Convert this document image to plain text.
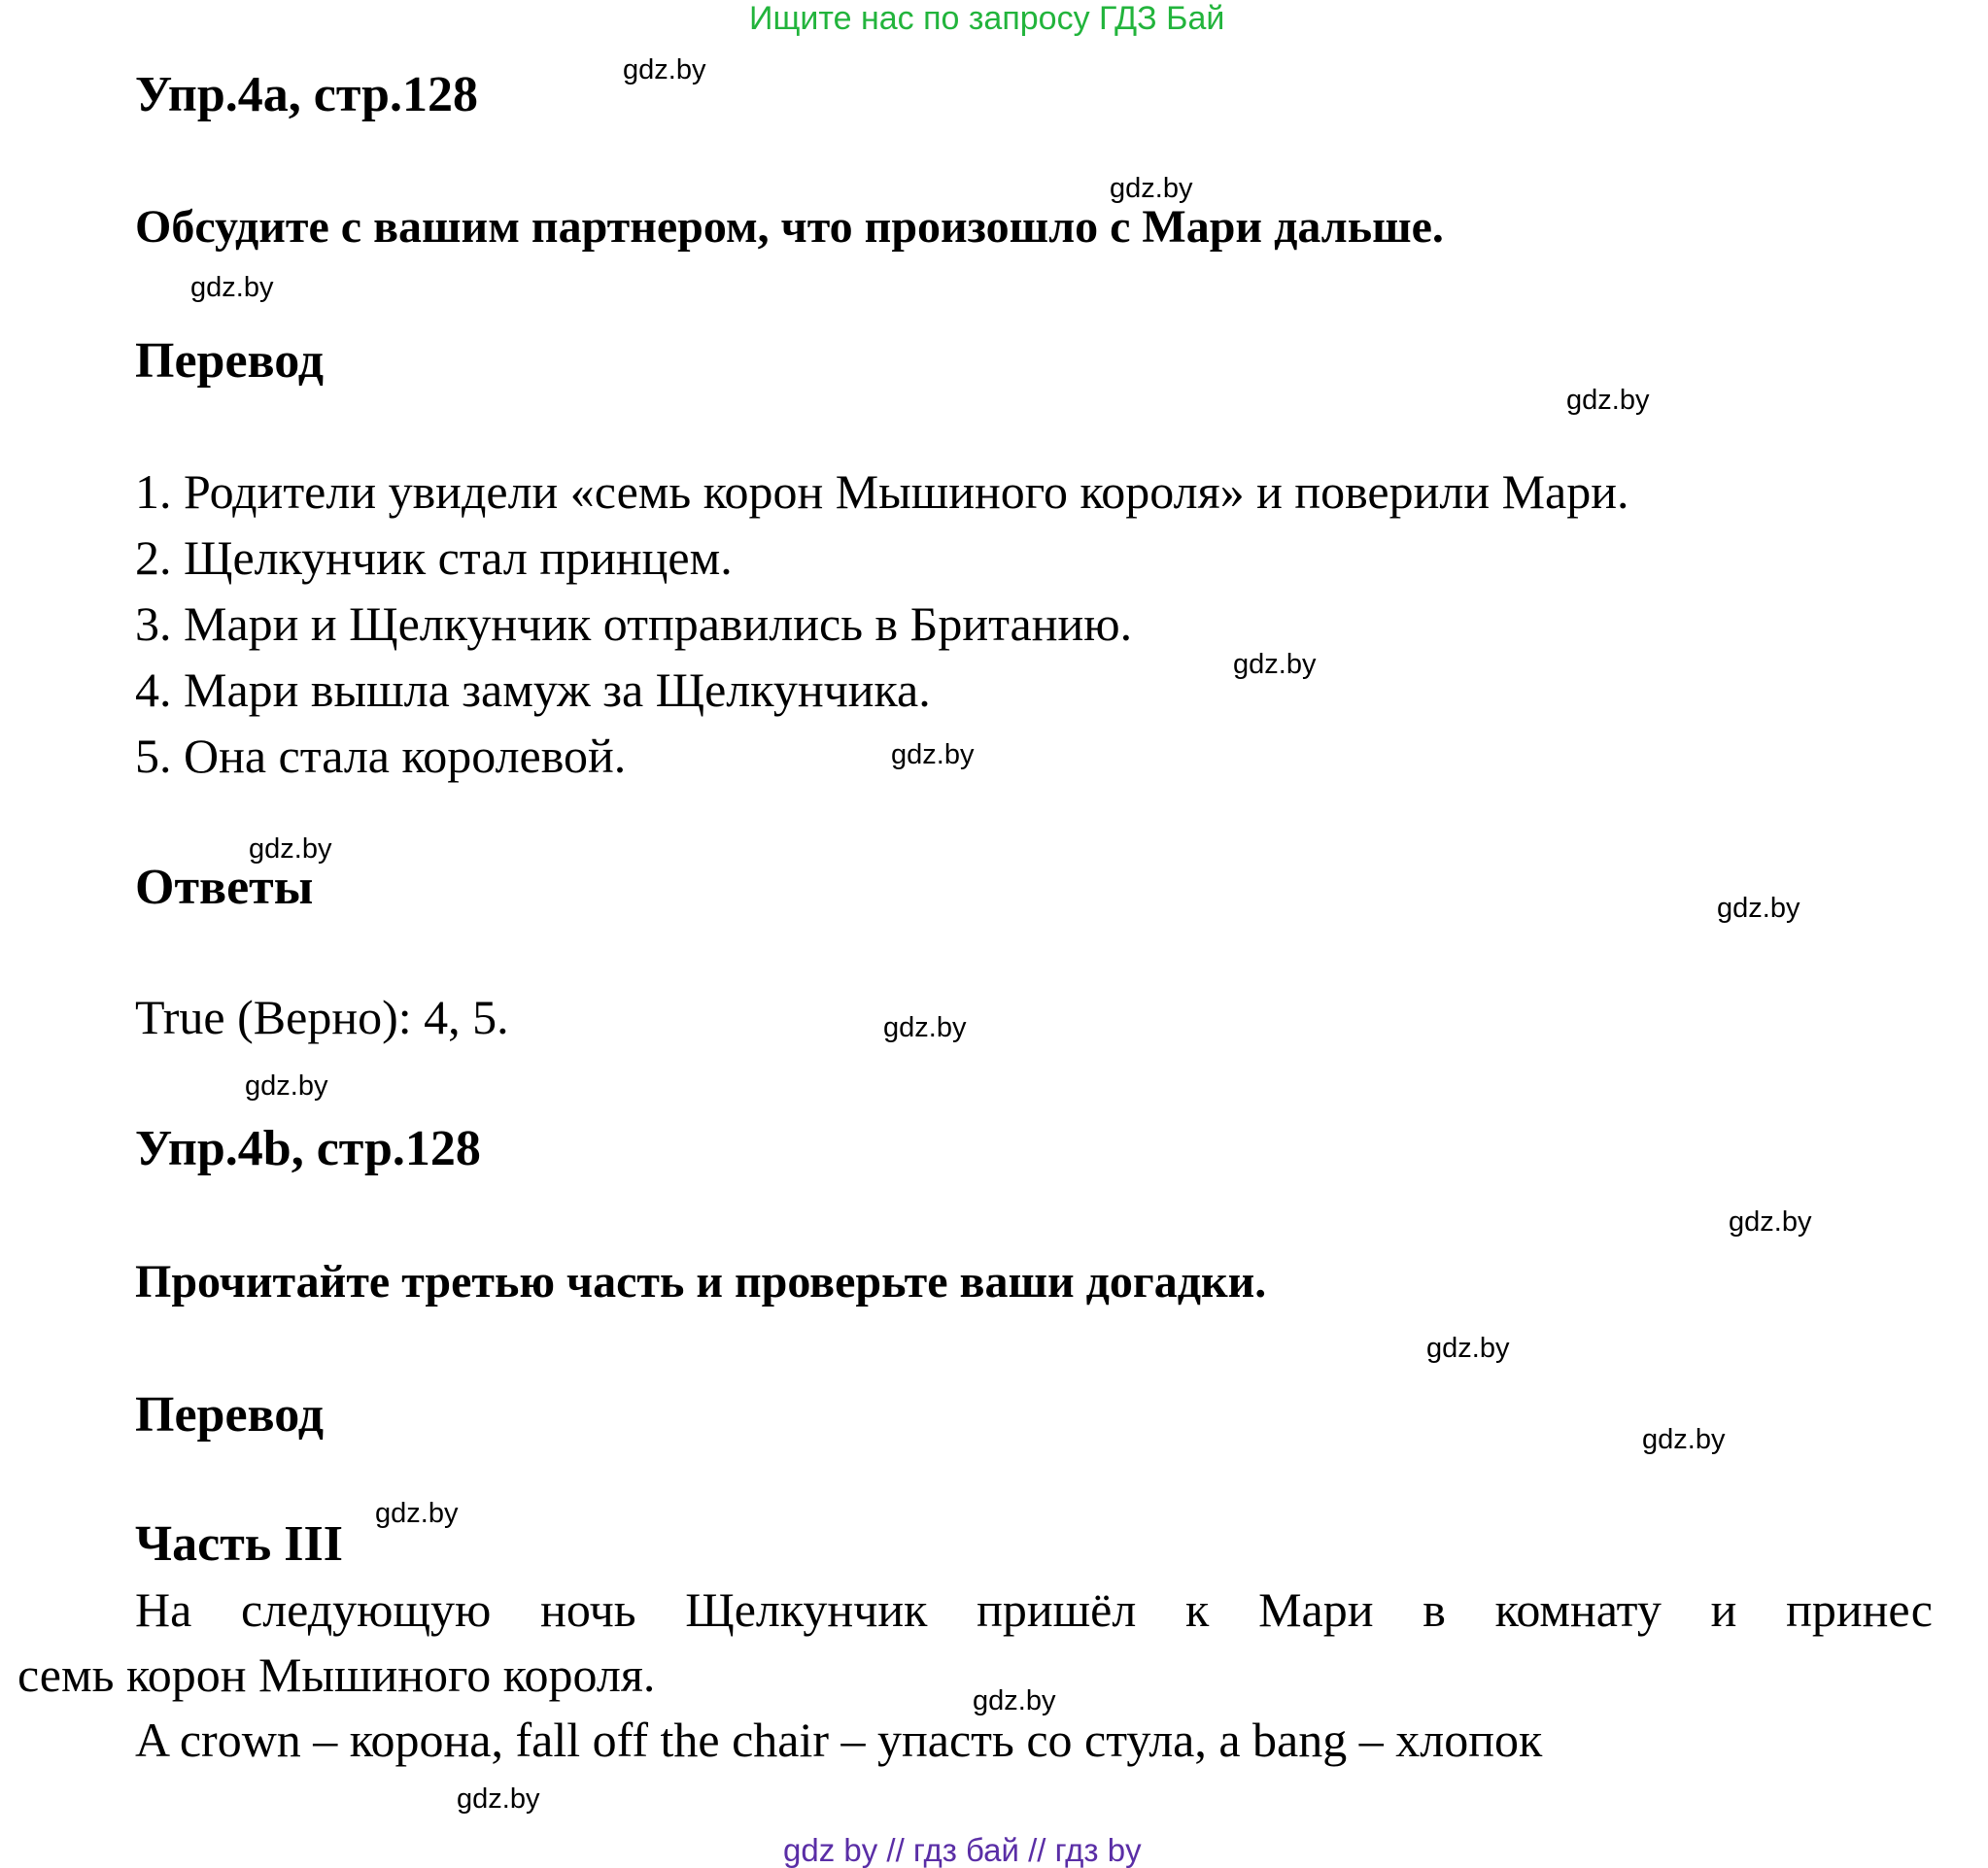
Ищите нас по запросу ГДЗ Бай
Упр.4а, стр.128
Обсудите с вашим партнером, что произошло с Мари дальше.
Перевод
1. Родители увидели «семь корон Мышиного короля» и поверили Мари.
2. Щелкунчик стал принцем.
3. Мари и Щелкунчик отправились в Британию.
4. Мари вышла замуж за Щелкунчика.
5. Она стала королевой.
Ответы
True (Верно): 4, 5.
Упр.4b, стр.128
Прочитайте третью часть и проверьте ваши догадки.
Перевод
Часть III
На следующую ночь Щелкунчик пришёл к Мари в комнату и принес
семь корон Мышиного короля.
A crown – корона, fall off the chair – упасть со стула, a bang – хлопок
gdz.by
gdz.by
gdz.by
gdz.by
gdz.by
gdz.by
gdz.by
gdz.by
gdz.by
gdz.by
gdz.by
gdz.by
gdz.by
gdz.by
gdz.by
gdz.by
gdz by // гдз бай // гдз by
